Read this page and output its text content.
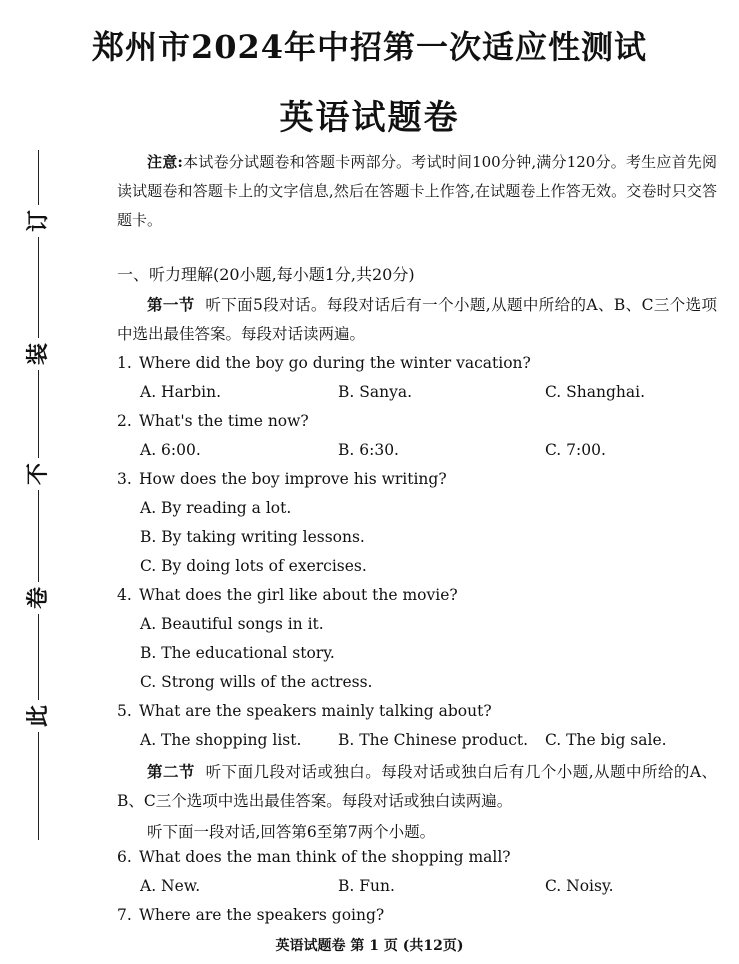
此
卷
不
装
订
郑州市2024年中招第一次适应性测试
英语试题卷
注意:本试卷分试题卷和答题卡两部分。考试时间100分钟,满分120分。考生应首先阅读试题卷和答题卡上的文字信息,然后在答题卡上作答,在试题卷上作答无效。交卷时只交答题卡。
一、听力理解(20小题,每小题1分,共20分)
第一节 听下面5段对话。每段对话后有一个小题,从题中所给的A、B、C三个选项中选出最佳答案。每段对话读两遍。
1. Where did the boy go during the winter vacation?
A. Harbin.	B. Sanya.	C. Shanghai.
2. What's the time now?
A. 6:00.	B. 6:30.	C. 7:00.
3. How does the boy improve his writing?
A. By reading a lot.
B. By taking writing lessons.
C. By doing lots of exercises.
4. What does the girl like about the movie?
A. Beautiful songs in it.
B. The educational story.
C. Strong wills of the actress.
5. What are the speakers mainly talking about?
A. The shopping list. B. The Chinese product. C. The big sale.
第二节 听下面几段对话或独白。每段对话或独白后有几个小题,从题中所给的A、B、C三个选项中选出最佳答案。每段对话或独白读两遍。
听下面一段对话,回答第6至第7两个小题。
6. What does the man think of the shopping mall?
A. New.	B. Fun.	C. Noisy.
7. Where are the speakers going?
英语试题卷 第 1 页 (共12页)
